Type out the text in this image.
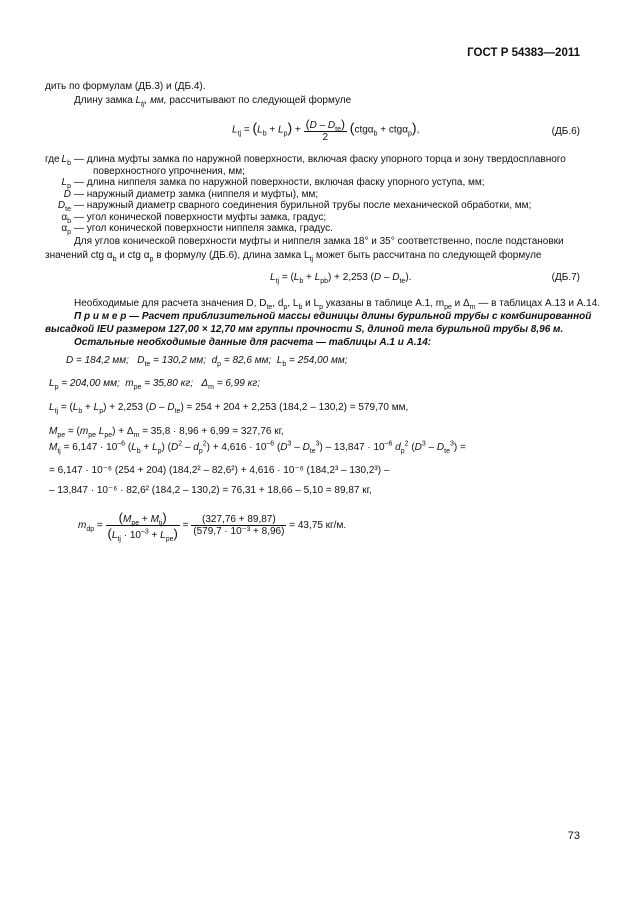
ГОСТ Р 54383—2011
дить по формулам (ДБ.3) и (ДБ.4).
Длину замка $L_{tj}$, мм, рассчитывают по следующей формуле
$L_{tj} = (L_b + L_p) + \frac{(D - D_{te})}{2} (ctg\alpha_b + ctg\alpha_p)$,	(ДБ.6)
где $L_b$ — длина муфты замка по наружной поверхности, включая фаску упорного торца и зону твердосплавного
поверхностного упрочнения, мм;
$L_p$ — длина ниппеля замка по наружной поверхности, включая фаску упорного уступа, мм;
D — наружный диаметр замка (ниппеля и муфты), мм;
$D_{te}$ — наружный диаметр сварного соединения бурильной трубы после механической обработки, мм;
$\alpha_b$ — угол конической поверхности муфты замка, градус;
$\alpha_p$ — угол конической поверхности ниппеля замка, градус.
Для углов конической поверхности муфты и ниппеля замка 18° и 35° соответственно, после подстановки
значений ctg $\alpha_b$ и ctg $\alpha_p$ в формулу (ДБ.6), длина замка $L_{tj}$ может быть рассчитана по следующей формуле
$L_{tj} = (L_b + L_{pb}) + 2,253$ $(D - D_{te})$.	(ДБ.7)
Необходимые для расчета значения D, $D_{te}$, $d_p$, $L_b$ и $L_p$ указаны в таблице А.1, $m_{pe}$ и $\Delta_m$ — в таблицах А.13 и А.14.
П р и м е р — Расчет приблизительной массы единицы длины бурильной трубы с комбинированной
высадкой IEU размером 127,00 × 12,70 мм группы прочности S, длиной тела бурильной трубы 8,96 м.
Остальные необходимые данные для расчета — таблицы А.1 и А.14:
D = 184,2 мм;   $D_{te} = 130,2$ мм;  $d_p = 82,6$ мм;  $L_b = 254,00$ мм;
$L_p = 204,00$ мм;  $m_{pe} = 35,80$ кг;   $\Delta_m = 6,99$ кг;
$L_{tj} = (L_b + L_p) + 2,253$ $(D - D_{te}) = 254 + 204 + 2,253$ (184,2 – 130,2) = 579,70 мм,
$M_{pe} = (m_{pe}$ $L_{pe}) + \Delta_m = 35,8 \cdot 8,96 + 6,99 = 327,76$ кг,
$M_{tj} = 6,147 \cdot 10^{-6}$ $(L_b + L_p)$ $(D^2 - d_p^2) + 4,616 \cdot 10^{-6}$ $(D^3 - D_{te}^3) - 13,847 \cdot 10^{-6}$ $d_p^2$ $(D^3 - D_{te}^3)$ =
= 6,147 · 10⁻⁶ (254 + 204) (184,2² – 82,6²) + 4,616 · 10⁻⁶ (184,2³ – 130,2³) –
– 13,847 · 10⁻⁶ · 82,6² (184,2 – 130,2) = 76,31 + 18,66 – 5,10 = 89,87 кг,
$m_{dp} = \frac{(M_{pe} + M_{tj})}{(L_{tj} \cdot 10^{-3} + L_{pe})} = \frac{(327,76 + 89,87)}{\text{(579,7 · 10⁻³ + 8,96)}} = 43,75$ кг/м.
73
